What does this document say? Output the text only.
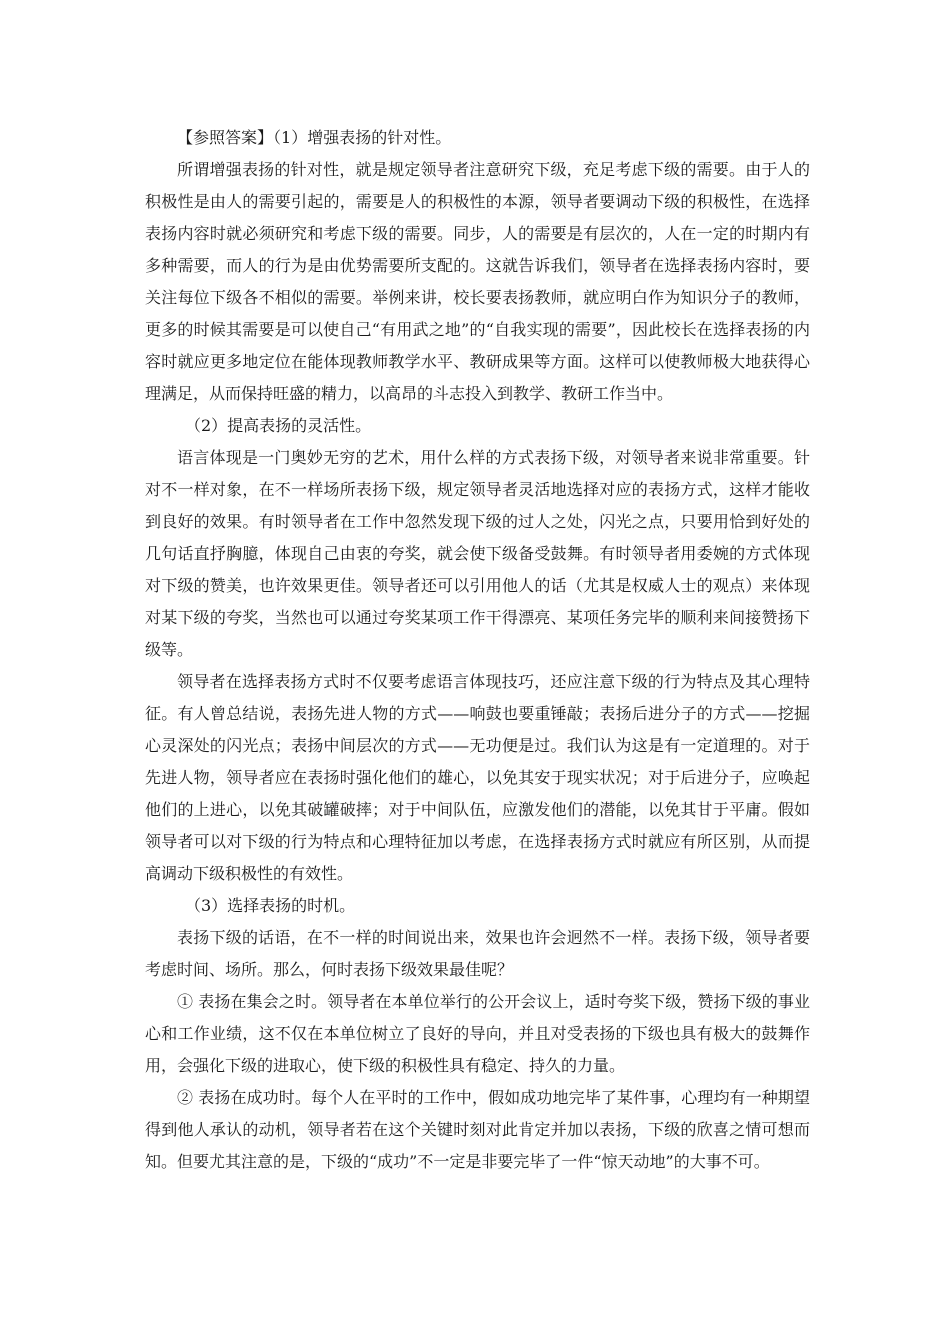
【参照答案】（1）增强表扬的针对性。

所谓增强表扬的针对性，就是规定领导者注意研究下级，充足考虑下级的需要。由于人的积极性是由人的需要引起的，需要是人的积极性的本源，领导者要调动下级的积极性，在选择表扬内容时就必须研究和考虑下级的需要。同步，人的需要是有层次的，人在一定的时期内有多种需要，而人的行为是由优势需要所支配的。这就告诉我们，领导者在选择表扬内容时，要关注每位下级各不相似的需要。举例来讲，校长要表扬教师，就应明白作为知识分子的教师，更多的时候其需要是可以使自己“有用武之地”的“自我实现的需要”，因此校长在选择表扬的内容时就应更多地定位在能体现教师教学水平、教研成果等方面。这样可以使教师极大地获得心理满足，从而保持旺盛的精力，以高昂的斗志投入到教学、教研工作当中。

（2）提高表扬的灵活性。

语言体现是一门奥妙无穷的艺术，用什么样的方式表扬下级，对领导者来说非常重要。针对不一样对象，在不一样场所表扬下级，规定领导者灵活地选择对应的表扬方式，这样才能收到良好的效果。有时领导者在工作中忽然发现下级的过人之处，闪光之点，只要用恰到好处的几句话直抒胸臆，体现自己由衷的夸奖，就会使下级备受鼓舞。有时领导者用委婉的方式体现对下级的赞美，也许效果更佳。领导者还可以引用他人的话（尤其是权威人士的观点）来体现对某下级的夸奖，当然也可以通过夸奖某项工作干得漂亮、某项任务完毕的顺利来间接赞扬下级等。

领导者在选择表扬方式时不仅要考虑语言体现技巧，还应注意下级的行为特点及其心理特征。有人曾总结说，表扬先进人物的方式——响鼓也要重锤敲；表扬后进分子的方式——挖掘心灵深处的闪光点；表扬中间层次的方式——无功便是过。我们认为这是有一定道理的。对于先进人物，领导者应在表扬时强化他们的雄心，以免其安于现实状况；对于后进分子，应唤起他们的上进心，以免其破罐破摔；对于中间队伍，应激发他们的潜能，以免其甘于平庸。假如领导者可以对下级的行为特点和心理特征加以考虑，在选择表扬方式时就应有所区别，从而提高调动下级积极性的有效性。

（3）选择表扬的时机。

表扬下级的话语，在不一样的时间说出来，效果也许会迥然不一样。表扬下级，领导者要考虑时间、场所。那么，何时表扬下级效果最佳呢？

① 表扬在集会之时。领导者在本单位举行的公开会议上，适时夸奖下级，赞扬下级的事业心和工作业绩，这不仅在本单位树立了良好的导向，并且对受表扬的下级也具有极大的鼓舞作用，会强化下级的进取心，使下级的积极性具有稳定、持久的力量。

② 表扬在成功时。每个人在平时的工作中，假如成功地完毕了某件事，心理均有一种期望得到他人承认的动机，领导者若在这个关键时刻对此肯定并加以表扬，下级的欣喜之情可想而知。但要尤其注意的是，下级的“成功”不一定是非要完毕了一件“惊天动地”的大事不可。
